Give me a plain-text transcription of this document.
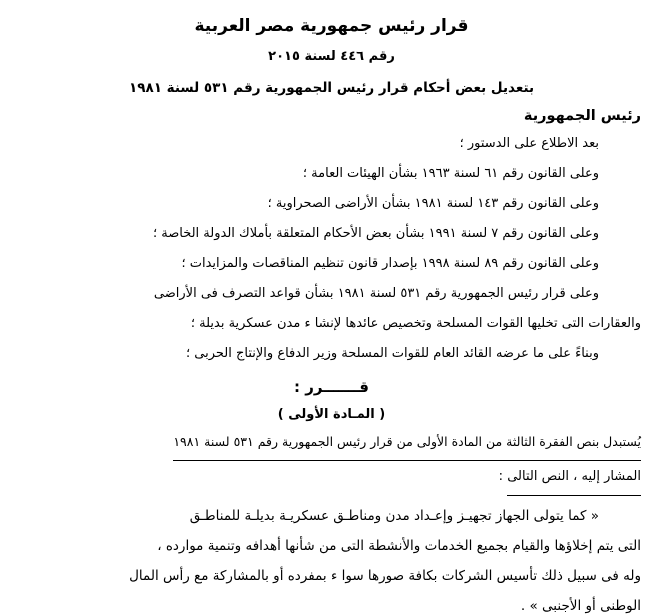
قرار رئيس جمهورية مصر العربية
رقم ٤٤٦ لسنة ٢٠١٥
بتعديل بعض أحكام قرار رئيس الجمهورية رقم ٥٣١ لسنة ١٩٨١
رئيس الجمهورية
بعد الاطلاع على الدستور ؛
وعلى القانون رقم ٦١ لسنة ١٩٦٣ بشأن الهيئات العامة ؛
وعلى القانون رقم ١٤٣ لسنة ١٩٨١ بشأن الأراضى الصحراوية ؛
وعلى القانون رقم ٧ لسنة ١٩٩١ بشأن بعض الأحكام المتعلقة بأملاك الدولة الخاصة ؛
وعلى القانون رقم ٨٩ لسنة ١٩٩٨ بإصدار قانون تنظيم المناقصات والمزايدات ؛
وعلى قرار رئيس الجمهورية رقم ٥٣١ لسنة ١٩٨١ بشأن قواعد التصرف فى الأراضى
والعقارات التى تخليها القوات المسلحة وتخصيص عائدها لإنشا ء مدن عسكرية بديلة ؛
وبناءً على ما عرضه القائد العام للقوات المسلحة وزير الدفاع والإنتاج الحربى ؛
قـــــــرر :
( المـادة الأولى )
يُستبدل بنص الفقرة الثالثة من المادة الأولى من قرار رئيس الجمهورية رقم ٥٣١ لسنة ١٩٨١
المشار إليه ، النص التالى :
« كما يتولى الجهاز تجهيـز وإعـداد مدن ومناطـق عسكريـة بديلـة للمناطـق
التى يتم إخلاؤها والقيام بجميع الخدمات والأنشطة التى من شأنها أهدافه وتنمية موارده ،
وله فى سبيل ذلك تأسيس الشركات بكافة صورها سوا ء بمفرده أو بالمشاركة مع رأس المال
الوطنى أو الأجنبى » .
